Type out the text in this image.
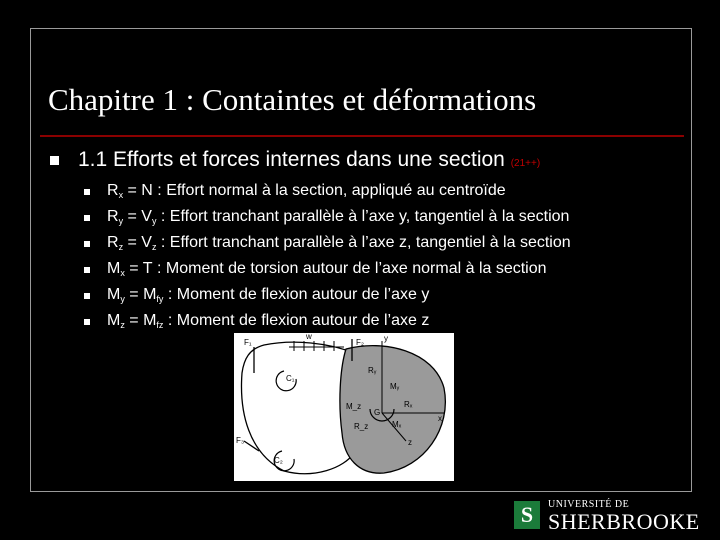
Chapitre 1 : Containtes et déformations
1.1 Efforts et forces internes dans une section (21++)
$R_x = N$ : Effort normal à la section, appliqué au centroïde
$R_y = V_y$ : Effort tranchant parallèle à l’axe y, tangentiel à la section
$R_z = V_z$ : Effort tranchant parallèle à l’axe z, tangentiel à la section
$M_x = T$ : Moment de torsion autour de l’axe normal à la section
$M_y = M_{fy}$ : Moment de flexion autour de l’axe y
$M_z = M_{fz}$ : Moment de flexion autour de l’axe z
F₁
w
F₂	y
C₁
Rᵧ
Mᵧ
M_z
G
Rₓ
x
R_z	Mₓ
z
F₃
C₂
S	UNIVERSITÉ DE
SHERBROOKE
